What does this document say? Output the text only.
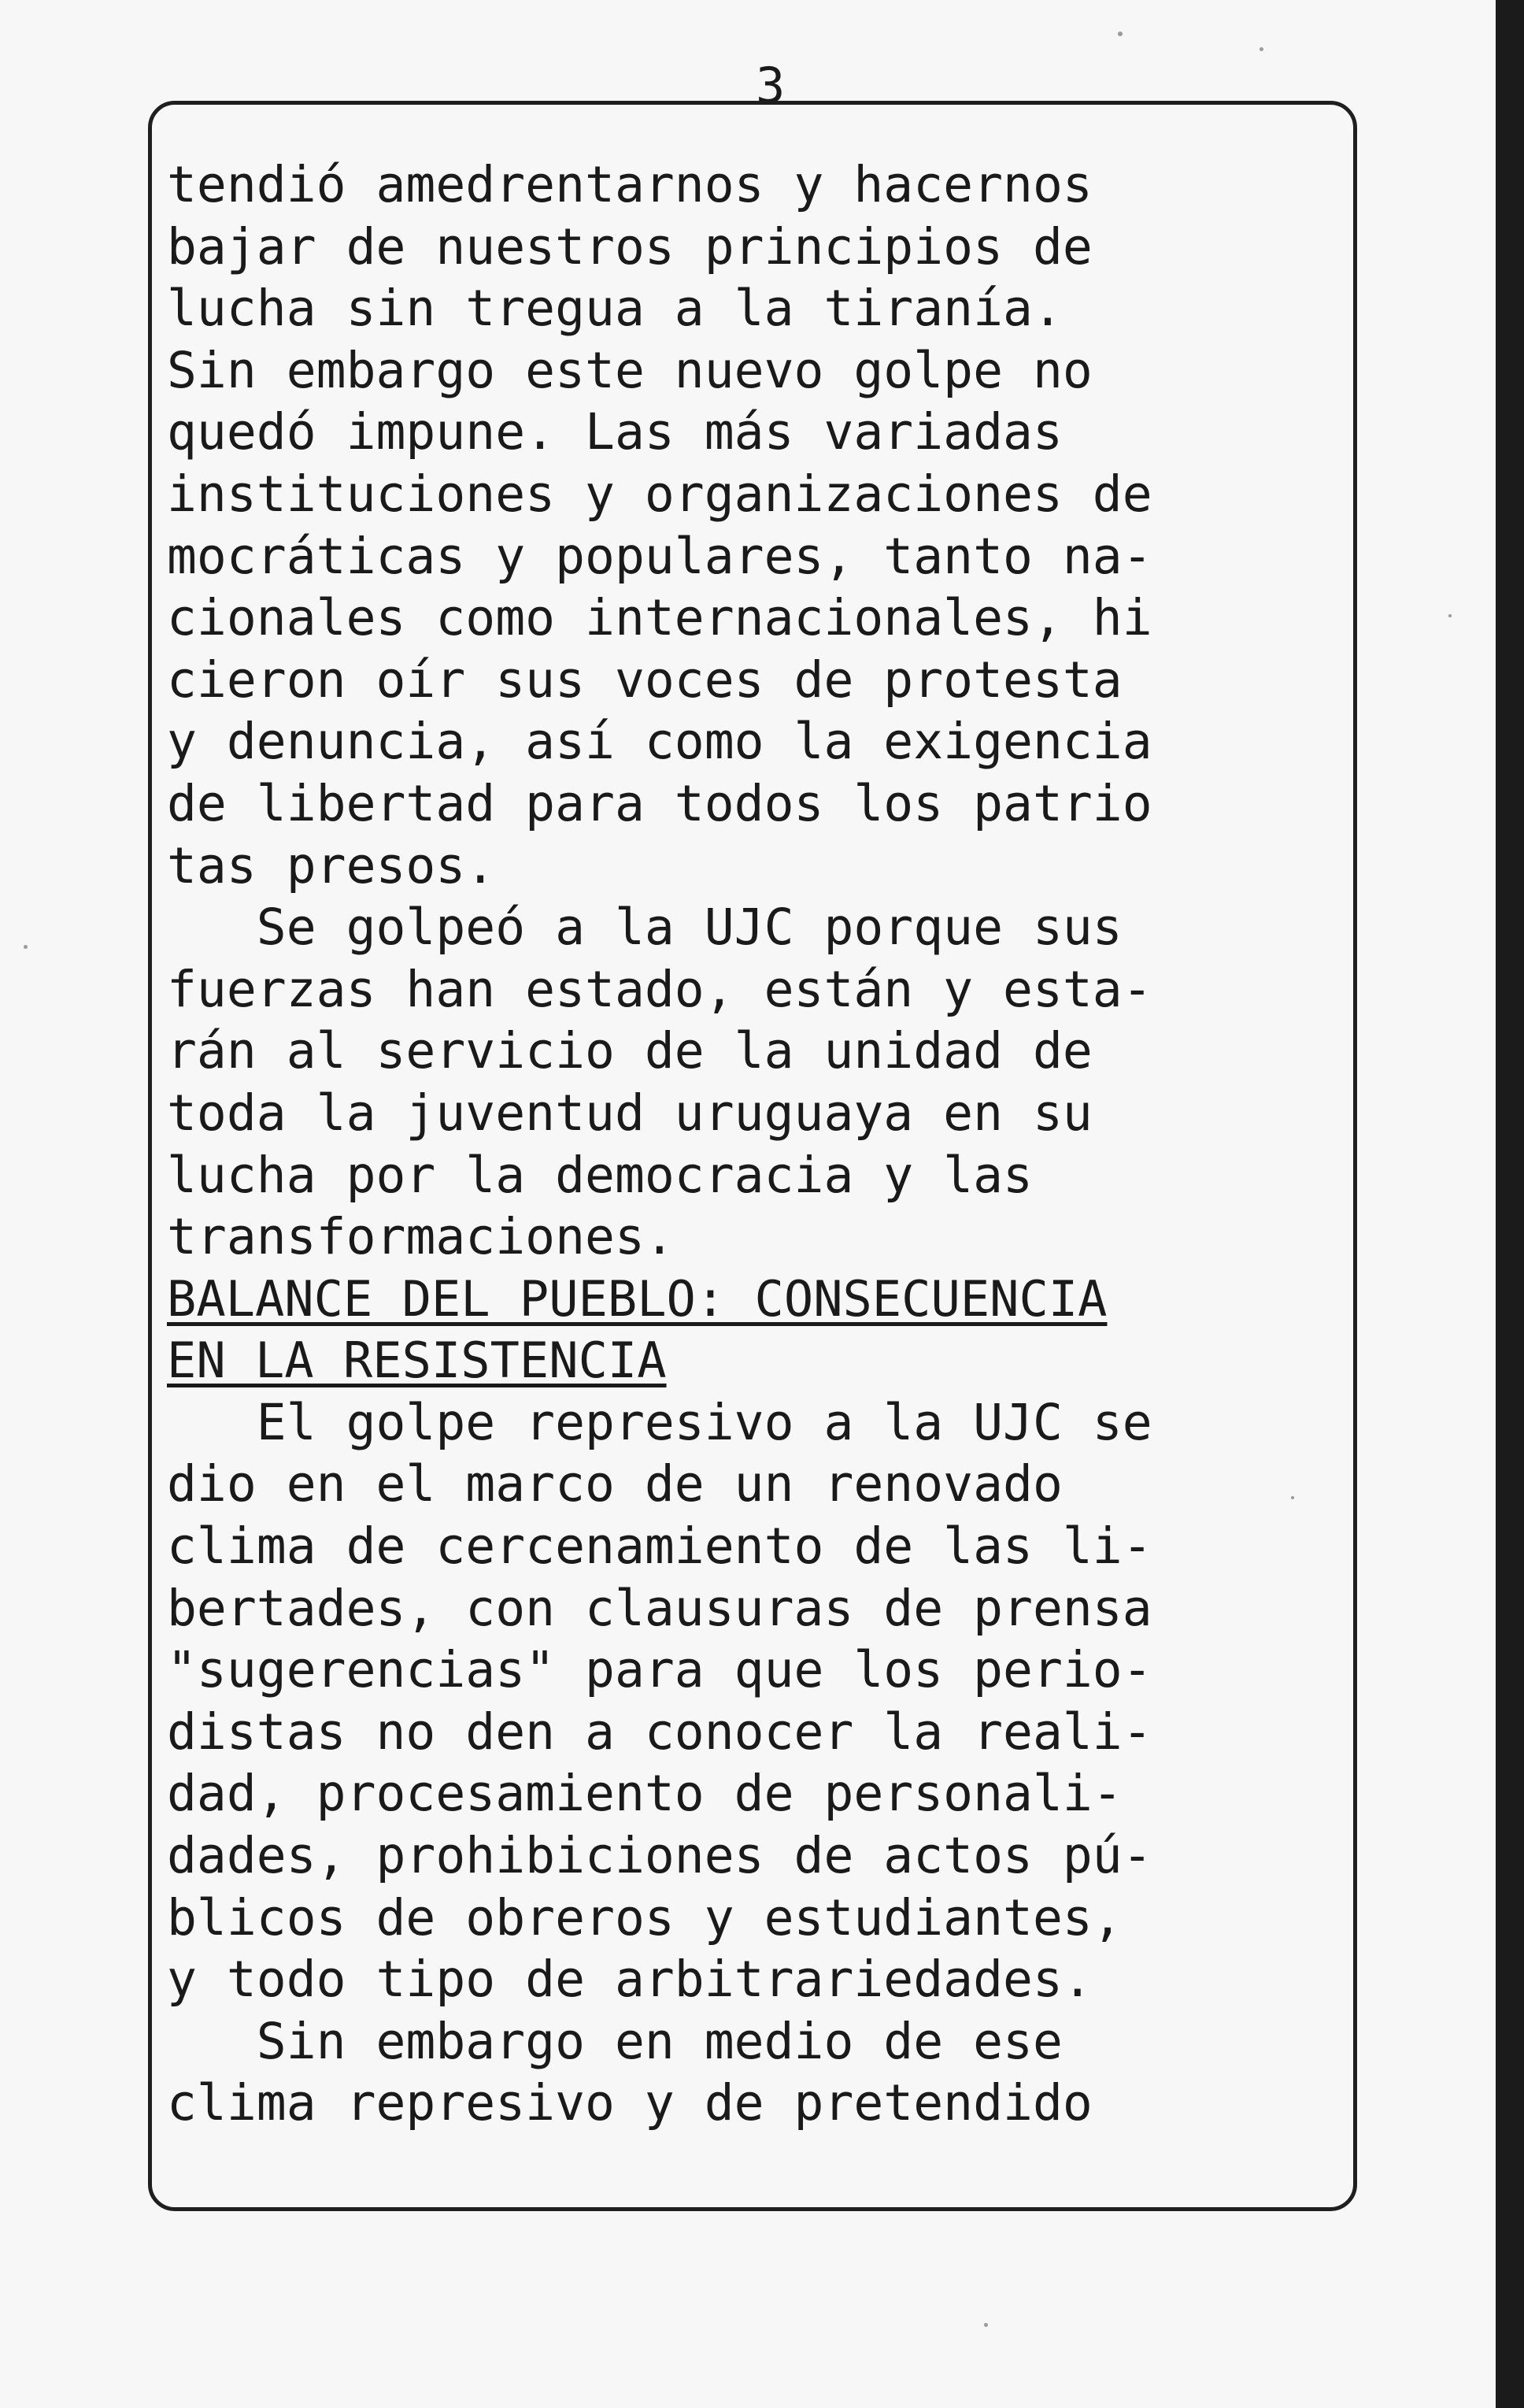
3
tendió amedrentarnos y hacernos
bajar de nuestros principios de
lucha sin tregua a la tiranía.
Sin embargo este nuevo golpe no
quedó impune. Las más variadas
instituciones y organizaciones de
mocráticas y populares, tanto na-
cionales como internacionales, hi
cieron oír sus voces de protesta
y denuncia, así como la exigencia
de libertad para todos los patrio
tas presos.
Se golpeó a la UJC porque sus
fuerzas han estado, están y esta-
rán al servicio de la unidad de
toda la juventud uruguaya en su
lucha por la democracia y las
transformaciones.
BALANCE DEL PUEBLO: CONSECUENCIA
EN LA RESISTENCIA
El golpe represivo a la UJC se
dio en el marco de un renovado
clima de cercenamiento de las li-
bertades, con clausuras de prensa
"sugerencias" para que los perio-
distas no den a conocer la reali-
dad, procesamiento de personali-
dades, prohibiciones de actos pú-
blicos de obreros y estudiantes,
y todo tipo de arbitrariedades.
Sin embargo en medio de ese
clima represivo y de pretendido
